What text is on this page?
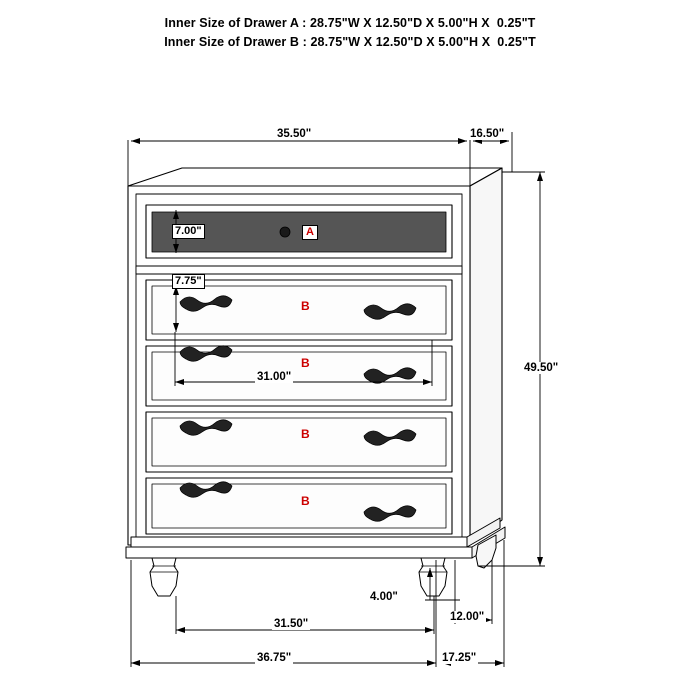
Inner Size of Drawer A : 28.75"W X 12.50"D X 5.00"H X  0.25"T
Inner Size of Drawer B : 28.75"W X 12.50"D X 5.00"H X  0.25"T
35.50"	16.50"
7.00"
7.75"
31.00"
49.50"
4.00"
12.00"
31.50"
36.75"	17.25"
A
B
B
B
B
